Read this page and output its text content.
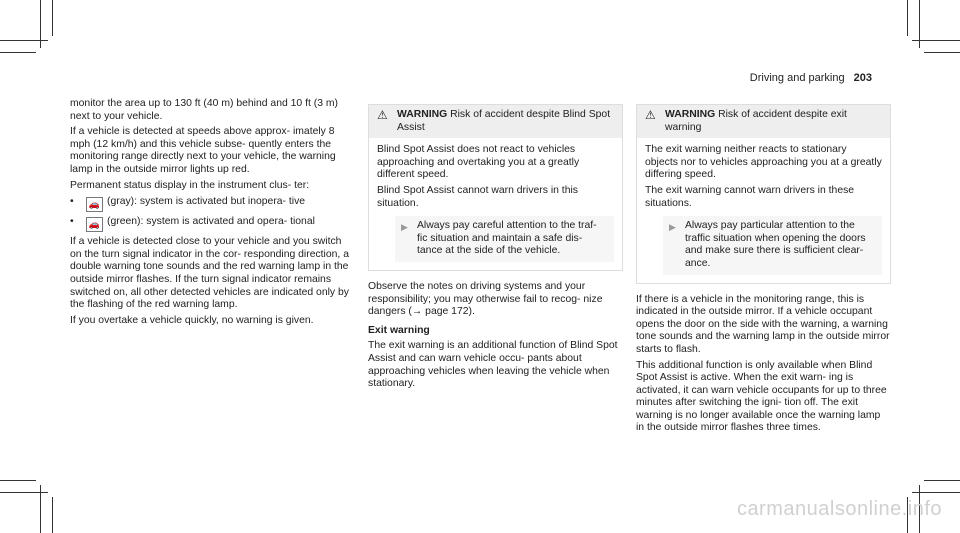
Driving and parking 203

monitor the area up to 130 ft (40 m) behind and 10 ft (3 m) next to your vehicle.

If a vehicle is detected at speeds above approx- imately 8 mph (12 km/h) and this vehicle subse- quently enters the monitoring range directly next to your vehicle, the warning lamp in the outside mirror lights up red.

Permanent status display in the instrument clus- ter:

•	🚗 (gray): system is activated but inopera- tive
•	🚗 (green): system is activated and opera- tional

If a vehicle is detected close to your vehicle and you switch on the turn signal indicator in the cor- responding direction, a double warning tone sounds and the red warning lamp in the outside mirror flashes. If the turn signal indicator remains switched on, all other detected vehicles are indicated only by the flashing of the red warning lamp.

If you overtake a vehicle quickly, no warning is given.

⚠ WARNING Risk of accident despite Blind Spot Assist

Blind Spot Assist does not react to vehicles approaching and overtaking you at a greatly different speed.

Blind Spot Assist cannot warn drivers in this situation.

▶ Always pay careful attention to the traf- fic situation and maintain a safe dis- tance at the side of the vehicle.

Observe the notes on driving systems and your responsibility; you may otherwise fail to recog- nize dangers (→ page 172).

Exit warning

The exit warning is an additional function of Blind Spot Assist and can warn vehicle occu- pants about approaching vehicles when leaving the vehicle when stationary.

⚠ WARNING Risk of accident despite exit warning

The exit warning neither reacts to stationary objects nor to vehicles approaching you at a greatly differing speed.

The exit warning cannot warn drivers in these situations.

▶ Always pay particular attention to the traffic situation when opening the doors and make sure there is sufficient clear- ance.

If there is a vehicle in the monitoring range, this is indicated in the outside mirror. If a vehicle occupant opens the door on the side with the warning, a warning tone sounds and the warning lamp in the outside mirror starts to flash.

This additional function is only available when Blind Spot Assist is active. When the exit warn- ing is activated, it can warn vehicle occupants for up to three minutes after switching the igni- tion off. The exit warning is no longer available once the warning lamp in the outside mirror flashes three times.

carmanualsonline.info
